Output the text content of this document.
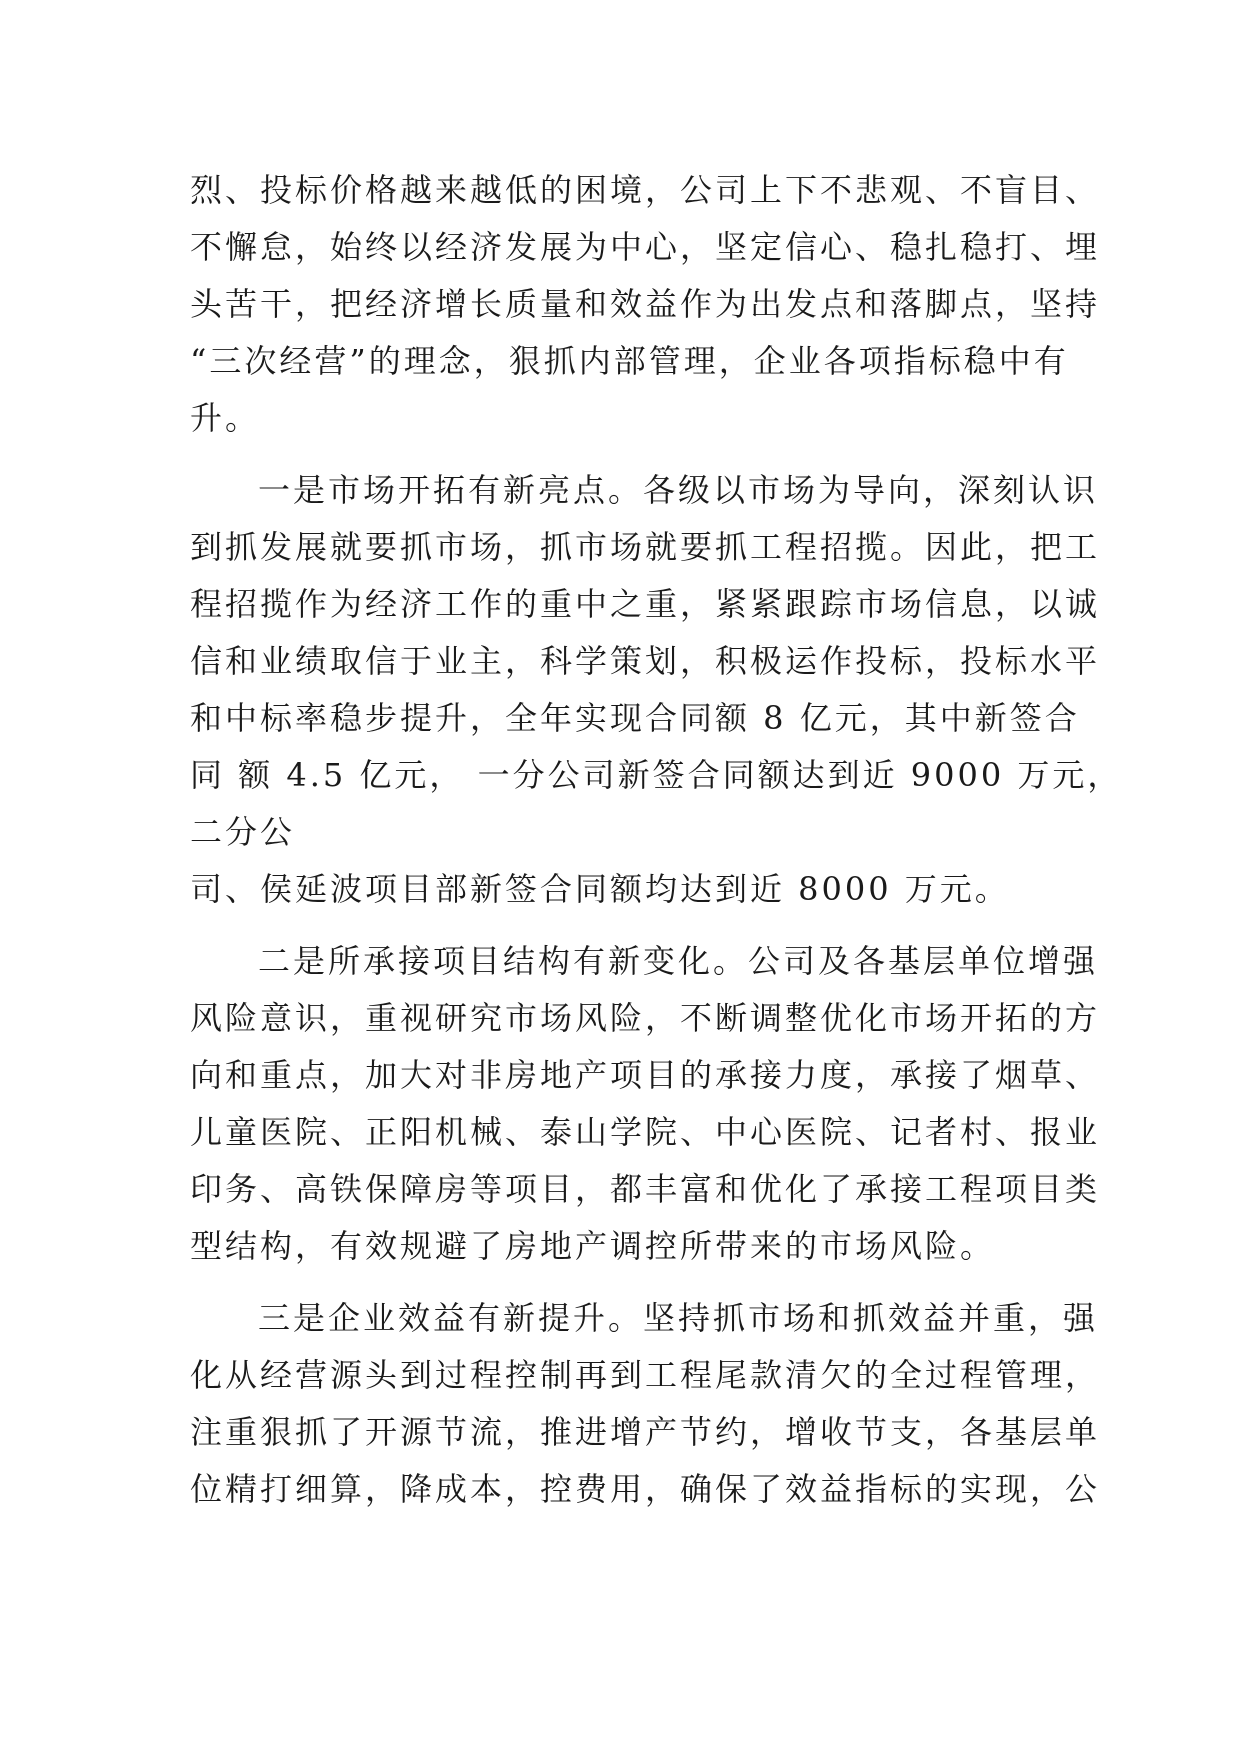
烈、投标价格越来越低的困境，公司上下不悲观、不盲目、
不懈怠，始终以经济发展为中心，坚定信心、稳扎稳打、埋
头苦干，把经济增长质量和效益作为出发点和落脚点，坚持
“三次经营”的理念，狠抓内部管理，企业各项指标稳中有
升。
一是市场开拓有新亮点。各级以市场为导向，深刻认识
到抓发展就要抓市场，抓市场就要抓工程招揽。因此，把工
程招揽作为经济工作的重中之重，紧紧跟踪市场信息，以诚
信和业绩取信于业主，科学策划，积极运作投标，投标水平
和中标率稳步提升，全年实现合同额 8 亿元，其中新签合
同 额 4.5 亿元， 一分公司新签合同额达到近 9000 万元，
二分公
司、侯延波项目部新签合同额均达到近 8000 万元。
二是所承接项目结构有新变化。公司及各基层单位增强
风险意识，重视研究市场风险，不断调整优化市场开拓的方
向和重点，加大对非房地产项目的承接力度，承接了烟草、
儿童医院、正阳机械、泰山学院、中心医院、记者村、报业
印务、高铁保障房等项目，都丰富和优化了承接工程项目类
型结构，有效规避了房地产调控所带来的市场风险。
三是企业效益有新提升。坚持抓市场和抓效益并重，强
化从经营源头到过程控制再到工程尾款清欠的全过程管理，
注重狠抓了开源节流，推进增产节约，增收节支，各基层单
位精打细算，降成本，控费用，确保了效益指标的实现，公
